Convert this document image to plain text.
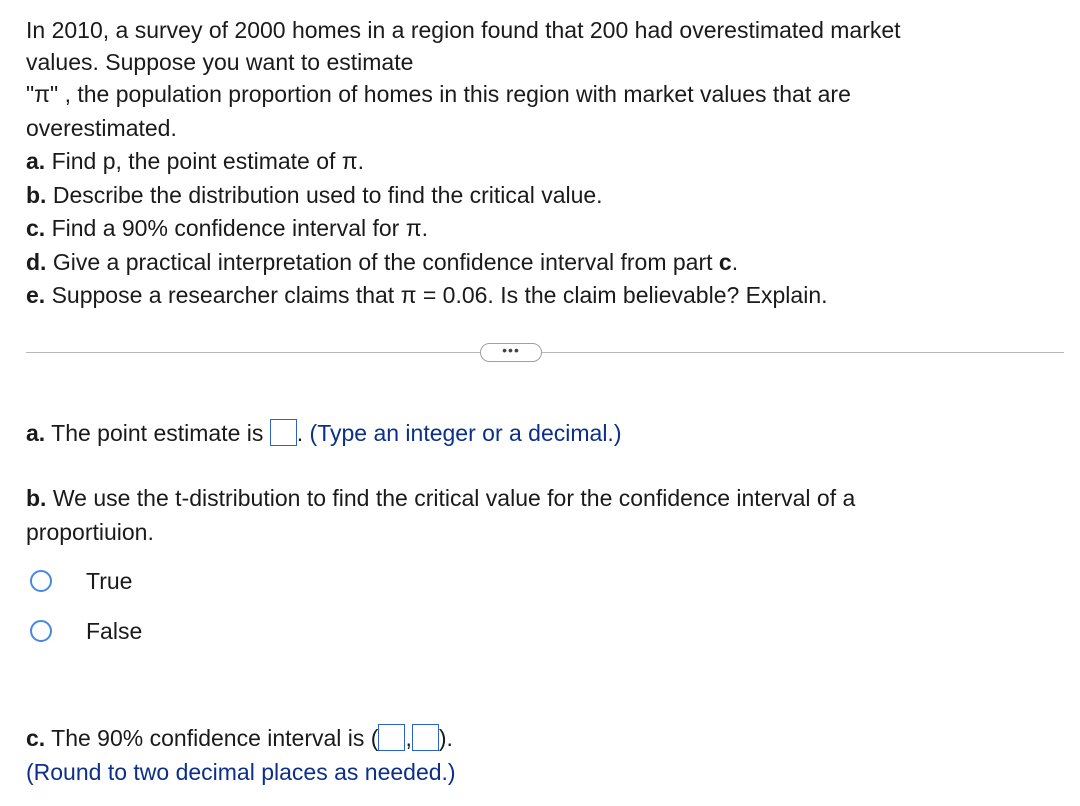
In 2010, a survey of 2000 homes in a region found that 200 had overestimated market
values. Suppose you want to estimate
"π" , the population proportion of homes in this region with market values that are
overestimated.
a. Find p, the point estimate of π.
b. Describe the distribution used to find the critical value.
c. Find a 90% confidence interval for π.
d. Give a practical interpretation of the confidence interval from part c.
e. Suppose a researcher claims that π = 0.06. Is the claim believable? Explain.
•••
a. The point estimate is . (Type an integer or a decimal.)
b. We use the t-distribution to find the critical value for the confidence interval of a
proportiuion.
True
False
c. The 90% confidence interval is ( , ).
(Round to two decimal places as needed.)
